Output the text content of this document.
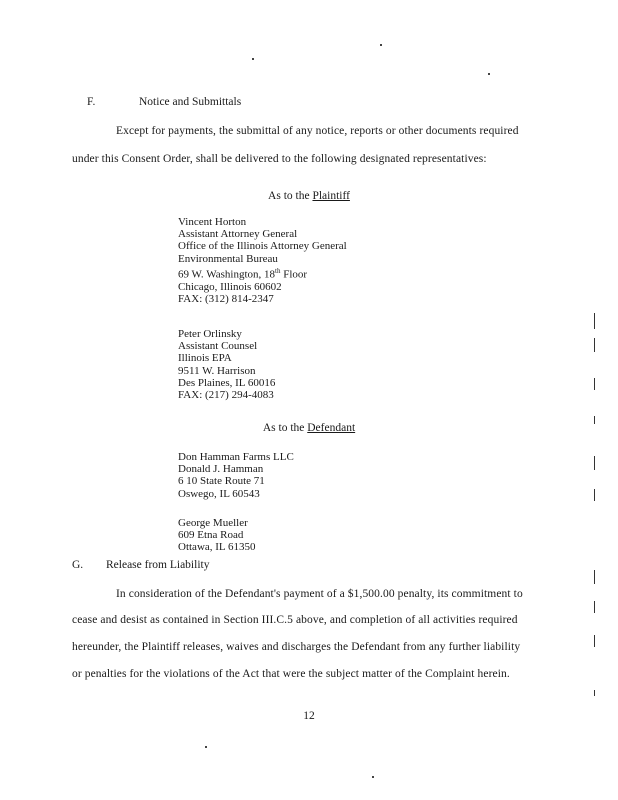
F.	Notice and Submittals
Except for payments, the submittal of any notice, reports or other documents required
under this Consent Order, shall be delivered to the following designated representatives:
As to the Plaintiff
Vincent Horton
Assistant Attorney General
Office of the Illinois Attorney General
Environmental Bureau
69 W. Washington, 18th Floor
Chicago, Illinois 60602
FAX: (312) 814-2347
Peter Orlinsky
Assistant Counsel
Illinois EPA
9511 W. Harrison
Des Plaines, IL 60016
FAX: (217) 294-4083
As to the Defendant
Don Hamman Farms LLC
Donald J. Hamman
6 10 State Route 71
Oswego, IL 60543
George Mueller
609 Etna Road
Ottawa, IL 61350
G. Release from Liability
In consideration of the Defendant's payment of a $1,500.00 penalty, its commitment to
cease and desist as contained in Section III.C.5 above, and completion of all activities required
hereunder, the Plaintiff releases, waives and discharges the Defendant from any further liability
or penalties for the violations of the Act that were the subject matter of the Complaint herein.
12
